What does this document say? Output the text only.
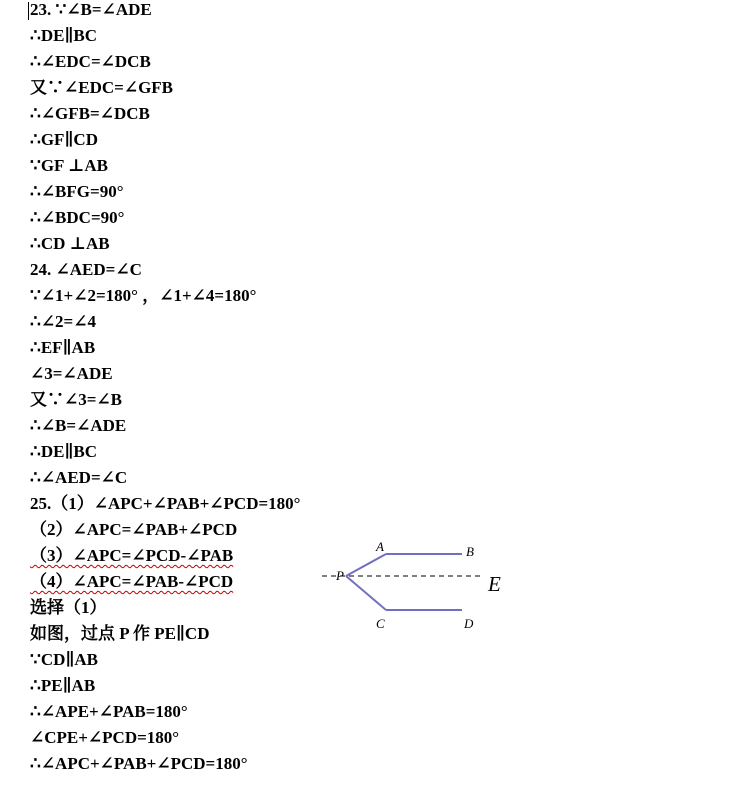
23. ∵∠B=∠ADE
∴DE∥BC
∴∠EDC=∠DCB
又∵∠EDC=∠GFB
∴∠GFB=∠DCB
∴GF∥CD
∵GF ⊥AB
∴∠BFG=90°
∴∠BDC=90°
∴CD ⊥AB
24. ∠AED=∠C
∵∠1+∠2=180° ，∠1+∠4=180°
∴∠2=∠4
∴EF∥AB
∠3=∠ADE
又∵∠3=∠B
∴∠B=∠ADE
∴DE∥BC
∴∠AED=∠C
25.（1）∠APC+∠PAB+∠PCD=180°
（2）∠APC=∠PAB+∠PCD
（3）∠APC=∠PCD-∠PAB
（4）∠APC=∠PAB-∠PCD
选择（1）
如图，过点 P 作 PE∥CD
∵CD∥AB
∴PE∥AB
∴∠APE+∠PAB=180°
∠CPE+∠PCD=180°
∴∠APC+∠PAB+∠PCD=180°
A	B
P	E
C	D
